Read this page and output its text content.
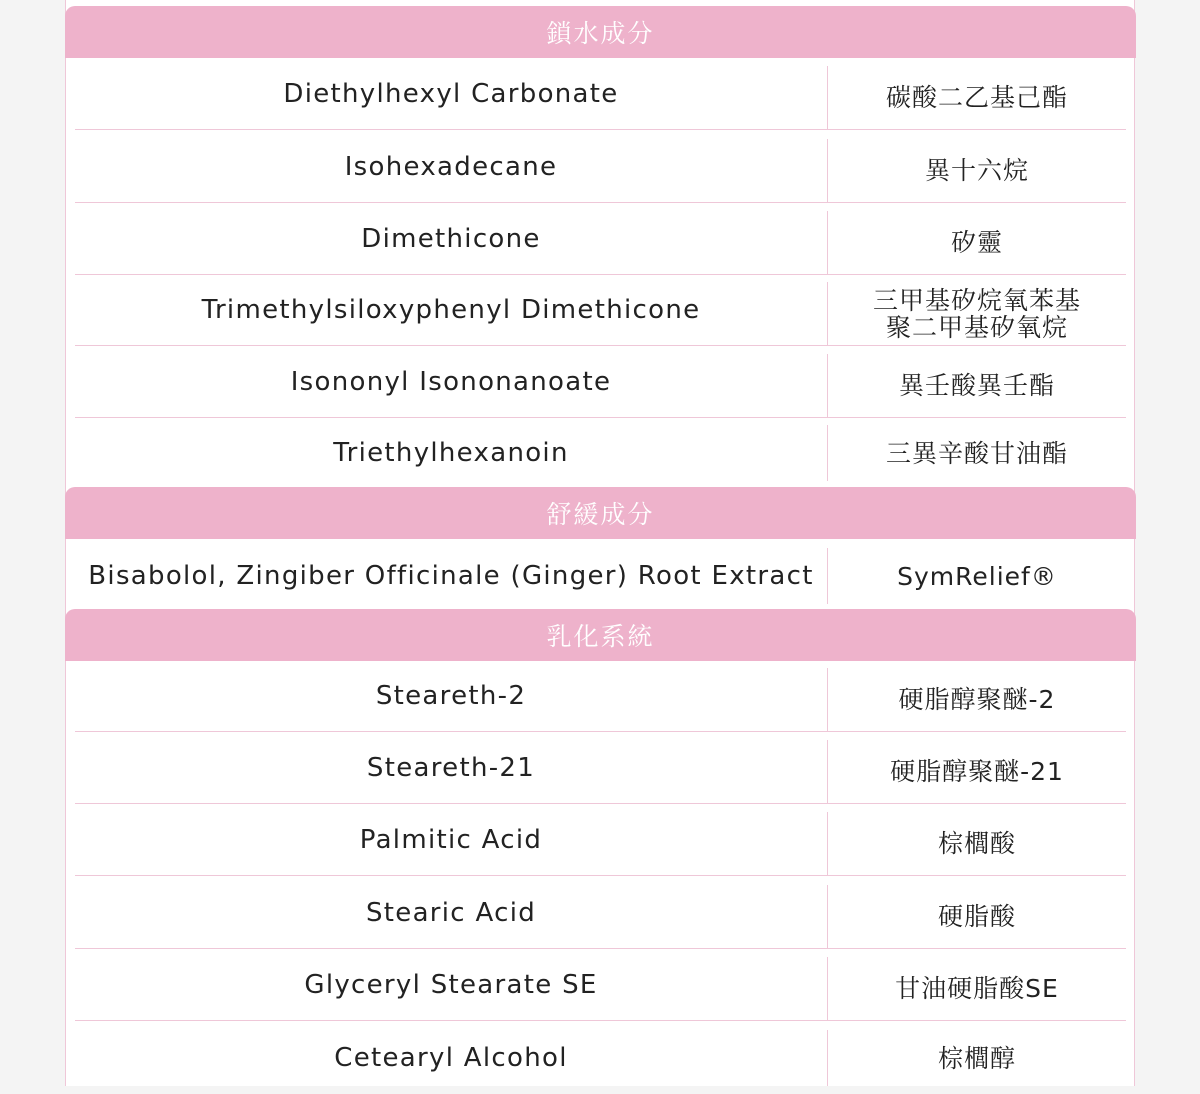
鎖水成分
Diethylhexyl Carbonate	碳酸二乙基己酯
Isohexadecane	異十六烷
Dimethicone	矽靈
Trimethylsiloxyphenyl Dimethicone	三甲基矽烷氧苯基
聚二甲基矽氧烷
Isononyl Isononanoate	異壬酸異壬酯
Triethylhexanoin	三異辛酸甘油酯
舒緩成分
Bisabolol, Zingiber Officinale (Ginger) Root Extract	SymRelief®
乳化系統
Steareth-2	硬脂醇聚醚-2
Steareth-21	硬脂醇聚醚-21
Palmitic Acid	棕櫚酸
Stearic Acid	硬脂酸
Glyceryl Stearate SE	甘油硬脂酸SE
Cetearyl Alcohol	棕櫚醇
